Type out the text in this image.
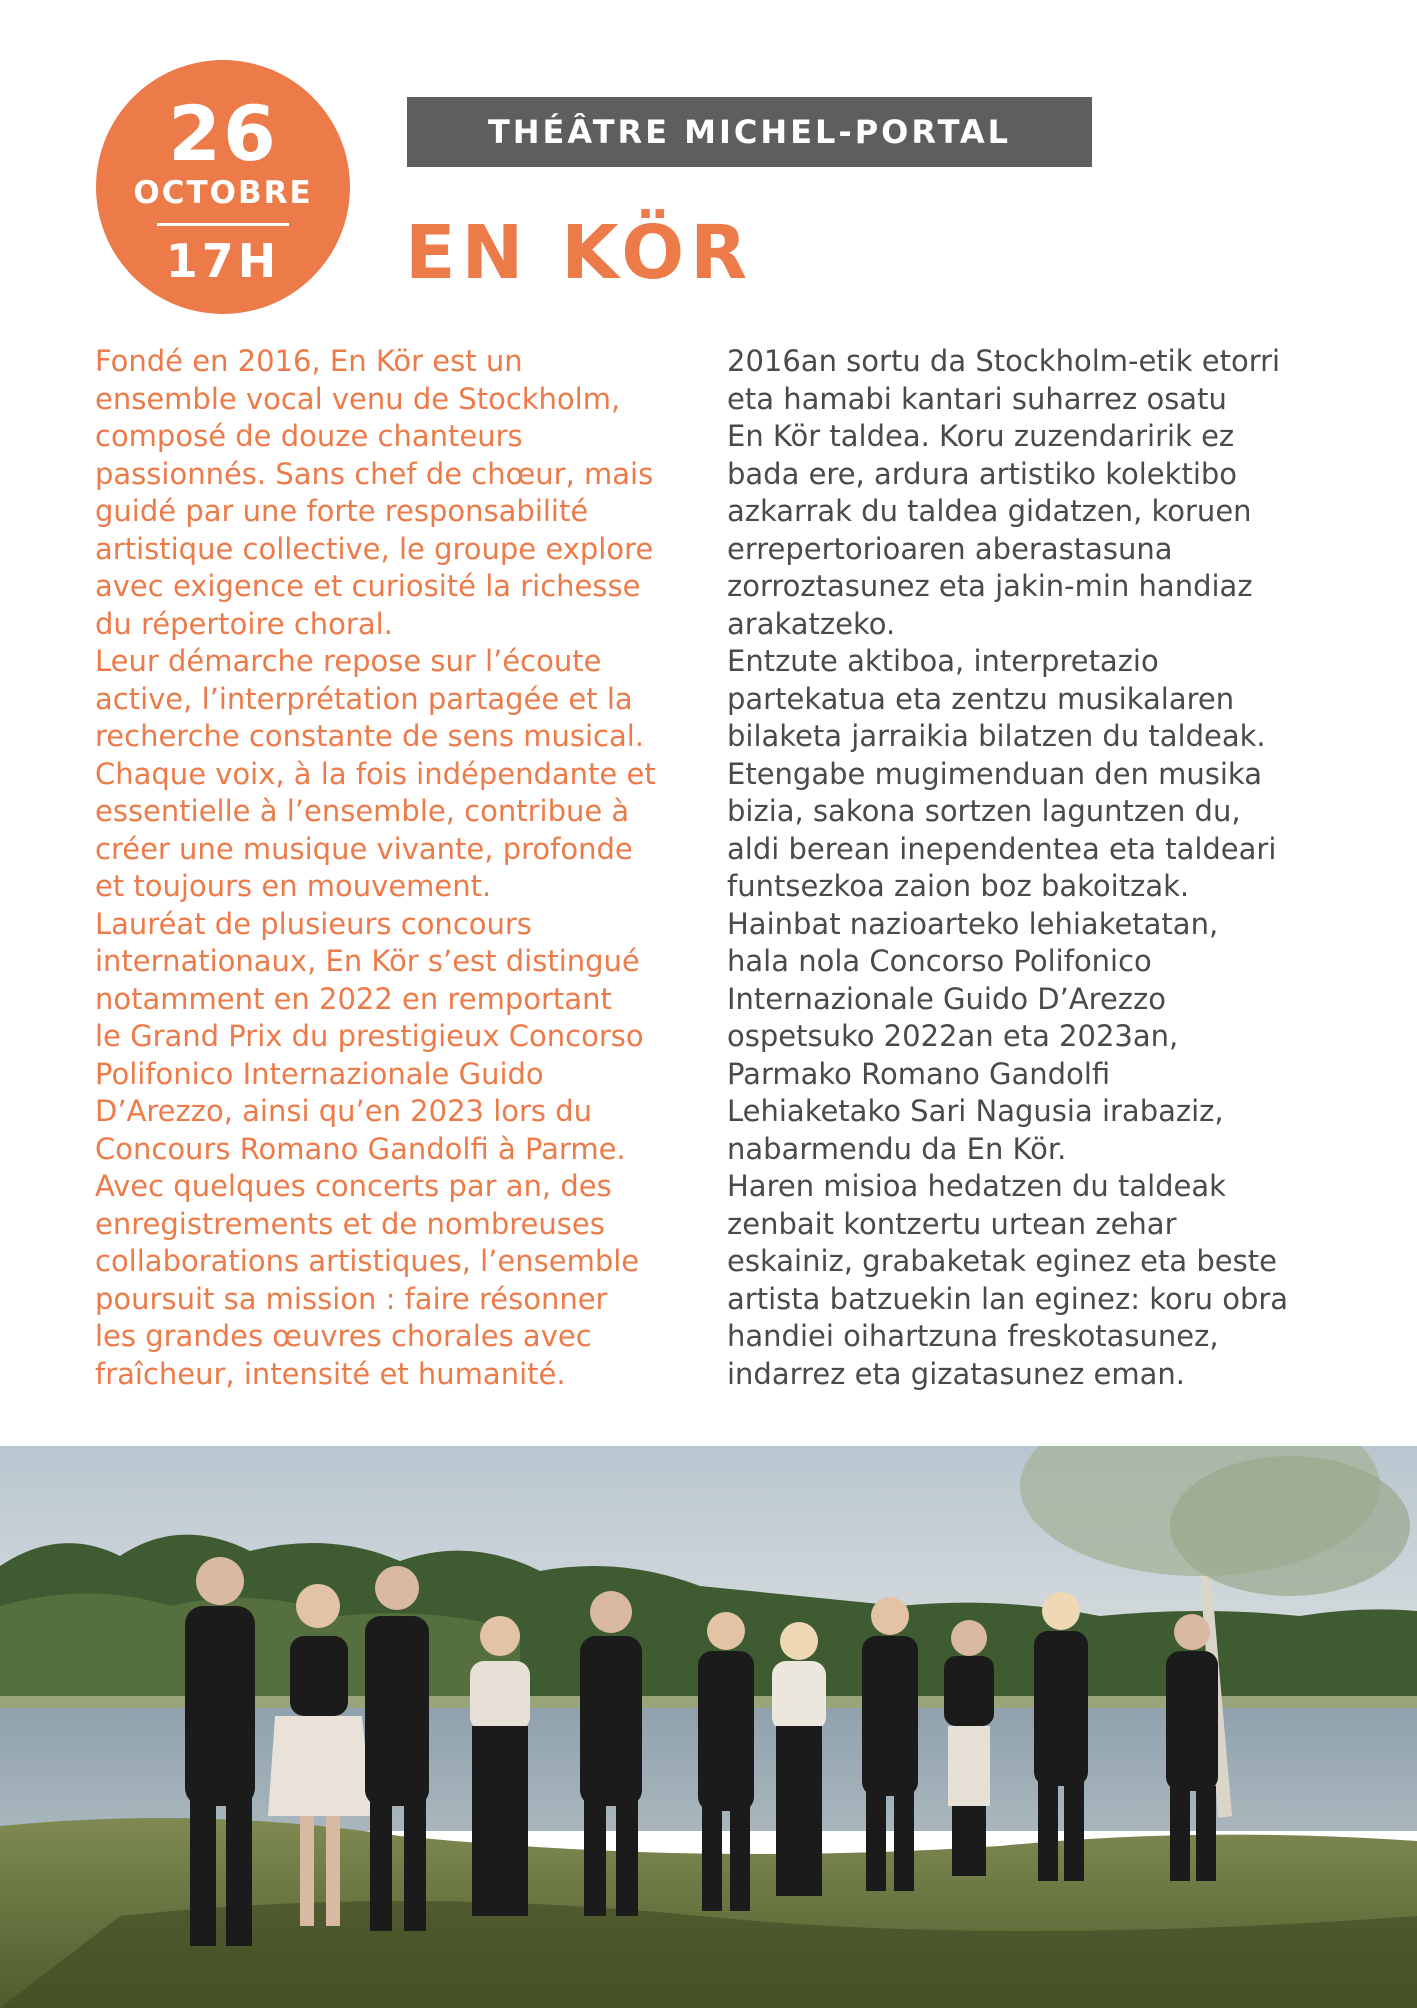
26
OCTOBRE
17H
THÉÂTRE MICHEL-PORTAL
EN KÖR

Fondé en 2016, En Kör est un
ensemble vocal venu de Stockholm,
composé de douze chanteurs
passionnés. Sans chef de chœur, mais
guidé par une forte responsabilité
artistique collective, le groupe explore
avec exigence et curiosité la richesse
du répertoire choral.
Leur démarche repose sur l’écoute
active, l’interprétation partagée et la
recherche constante de sens musical.
Chaque voix, à la fois indépendante et
essentielle à l’ensemble, contribue à
créer une musique vivante, profonde
et toujours en mouvement.
Lauréat de plusieurs concours
internationaux, En Kör s’est distingué
notamment en 2022 en remportant
le Grand Prix du prestigieux Concorso
Polifonico Internazionale Guido
D’Arezzo, ainsi qu’en 2023 lors du
Concours Romano Gandolfi à Parme.
Avec quelques concerts par an, des
enregistrements et de nombreuses
collaborations artistiques, l’ensemble
poursuit sa mission : faire résonner
les grandes œuvres chorales avec
fraîcheur, intensité et humanité.

2016an sortu da Stockholm-etik etorri
eta hamabi kantari suharrez osatu
En Kör taldea. Koru zuzendaririk ez
bada ere, ardura artistiko kolektibo
azkarrak du taldea gidatzen, koruen
errepertorioaren aberastasuna
zorroztasunez eta jakin-min handiaz
arakatzeko.
Entzute aktiboa, interpretazio
partekatua eta zentzu musikalaren
bilaketa jarraikia bilatzen du taldeak.
Etengabe mugimenduan den musika
bizia, sakona sortzen laguntzen du,
aldi berean inependentea eta taldeari
funtsezkoa zaion boz bakoitzak.
Hainbat nazioarteko lehiaketatan,
hala nola Concorso Polifonico
Internazionale Guido D’Arezzo
ospetsuko 2022an eta 2023an,
Parmako Romano Gandolfi
Lehiaketako Sari Nagusia irabaziz,
nabarmendu da En Kör.
Haren misioa hedatzen du taldeak
zenbait kontzertu urtean zehar
eskainiz, grabaketak eginez eta beste
artista batzuekin lan eginez: koru obra
handiei oihartzuna freskotasunez,
indarrez eta gizatasunez eman.
